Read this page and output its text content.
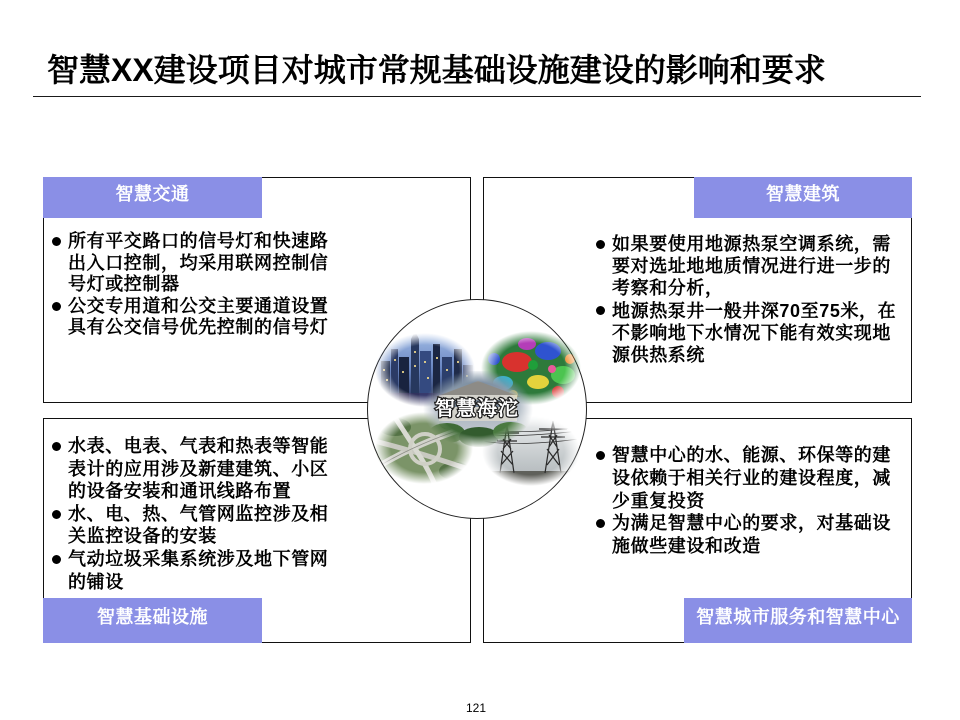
智慧XX建设项目对城市常规基础设施建设的影响和要求
智慧交通
所有平交路口的信号灯和快速路
出入口控制，均采用联网控制信
号灯或控制器
公交专用道和公交主要通道设置
具有公交信号优先控制的信号灯
智慧建筑
如果要使用地源热泵空调系统，需
要对选址地地质情况进行进一步的
考察和分析，
地源热泵井一般井深70至75米，在
不影响地下水情况下能有效实现地
源供热系统
智慧基础设施
水表、电表、气表和热表等智能
表计的应用涉及新建建筑、小区
的设备安装和通讯线路布置
水、电、热、气管网监控涉及相
关监控设备的安装
气动垃圾采集系统涉及地下管网
的铺设
智慧城市服务和智慧中心
智慧中心的水、能源、环保等的建
设依赖于相关行业的建设程度，减
少重复投资
为满足智慧中心的要求，对基础设
施做些建设和改造
智慧海沱
121
